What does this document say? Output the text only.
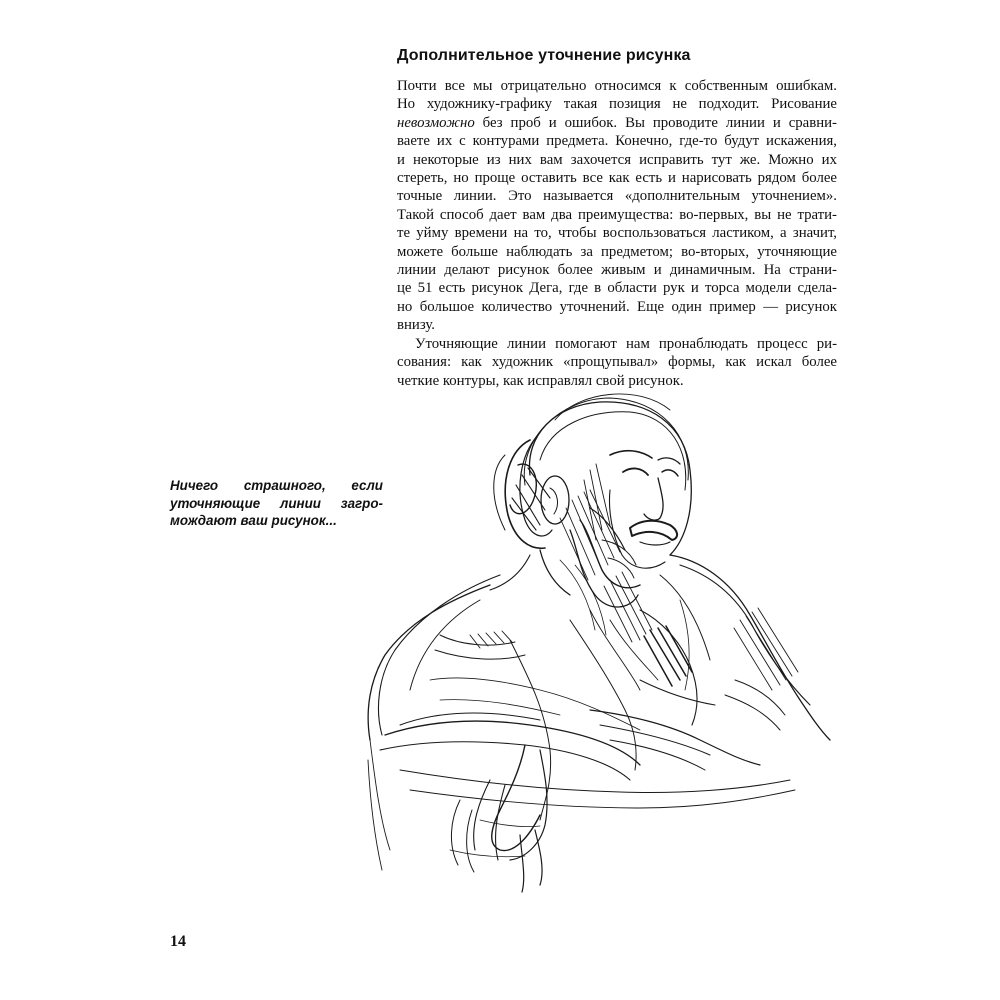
Дополнительное уточнение рисунка
Почти все мы отрицательно относимся к собственным ошибкам.
Но художнику-графику такая позиция не подходит. Рисование
невозможно без проб и ошибок. Вы проводите линии и сравни-
ваете их с контурами предмета. Конечно, где-то будут искажения,
и некоторые из них вам захочется исправить тут же. Можно их
стереть, но проще оставить все как есть и нарисовать рядом более
точные линии. Это называется «дополнительным уточнением».
Такой способ дает вам два преимущества: во-первых, вы не трати-
те уйму времени на то, чтобы воспользоваться ластиком, а значит,
можете больше наблюдать за предметом; во-вторых, уточняющие
линии делают рисунок более живым и динамичным. На страни-
це 51 есть рисунок Дега, где в области рук и торса модели сдела-
но большое количество уточнений. Еще один пример — рисунок
внизу.
Уточняющие линии помогают нам пронаблюдать процесс ри-
сования: как художник «прощупывал» формы, как искал более
четкие контуры, как исправлял свой рисунок.
Ничего страшного, если
уточняющие линии загро-
мождают ваш рисунок...
14
